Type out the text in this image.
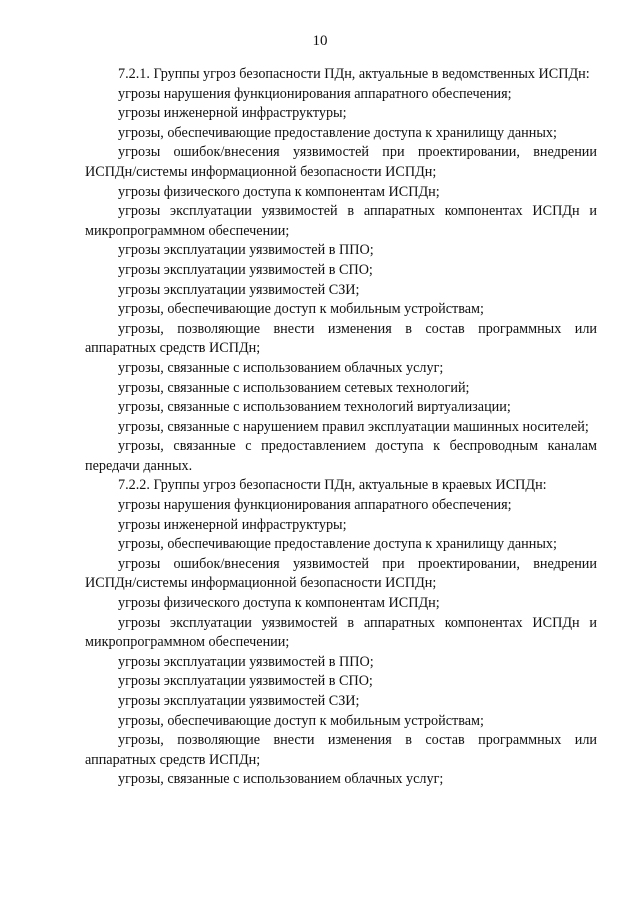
10

7.2.1. Группы угроз безопасности ПДн, актуальные в ведомственных ИСПДн:

угрозы нарушения функционирования аппаратного обеспечения;

угрозы инженерной инфраструктуры;

угрозы, обеспечивающие предоставление доступа к хранилищу данных;

угрозы ошибок/внесения уязвимостей при проектировании, внедрении ИСПДн/системы информационной безопасности ИСПДн;

угрозы физического доступа к компонентам ИСПДн;

угрозы эксплуатации уязвимостей в аппаратных компонентах ИСПДн и микропрограммном обеспечении;

угрозы эксплуатации уязвимостей в ППО;

угрозы эксплуатации уязвимостей в СПО;

угрозы эксплуатации уязвимостей СЗИ;

угрозы, обеспечивающие доступ к мобильным устройствам;

угрозы, позволяющие внести изменения в состав программных или аппаратных средств ИСПДн;

угрозы, связанные с использованием облачных услуг;

угрозы, связанные с использованием сетевых технологий;

угрозы, связанные с использованием технологий виртуализации;

угрозы, связанные с нарушением правил эксплуатации машинных носителей;

угрозы, связанные с предоставлением доступа к беспроводным каналам передачи данных.

7.2.2. Группы угроз безопасности ПДн, актуальные в краевых ИСПДн:

угрозы нарушения функционирования аппаратного обеспечения;

угрозы инженерной инфраструктуры;

угрозы, обеспечивающие предоставление доступа к хранилищу данных;

угрозы ошибок/внесения уязвимостей при проектировании, внедрении ИСПДн/системы информационной безопасности ИСПДн;

угрозы физического доступа к компонентам ИСПДн;

угрозы эксплуатации уязвимостей в аппаратных компонентах ИСПДн и микропрограммном обеспечении;

угрозы эксплуатации уязвимостей в ППО;

угрозы эксплуатации уязвимостей в СПО;

угрозы эксплуатации уязвимостей СЗИ;

угрозы, обеспечивающие доступ к мобильным устройствам;

угрозы, позволяющие внести изменения в состав программных или аппаратных средств ИСПДн;

угрозы, связанные с использованием облачных услуг;
